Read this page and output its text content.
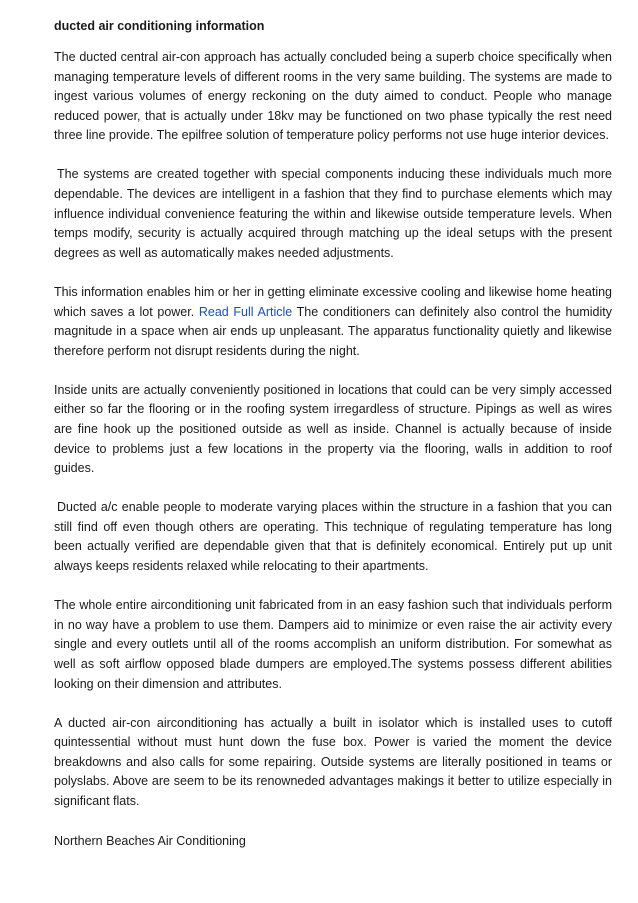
ducted air conditioning information

The ducted central air-con approach has actually concluded being a superb choice specifically when managing temperature levels of different rooms in the very same building. The systems are made to ingest various volumes of energy reckoning on the duty aimed to conduct. People who manage reduced power, that is actually under 18kv may be functioned on two phase typically the rest need three line provide. The epilfree solution of temperature policy performs not use huge interior devices.

The systems are created together with special components inducing these individuals much more dependable. The devices are intelligent in a fashion that they find to purchase elements which may influence individual convenience featuring the within and likewise outside temperature levels. When temps modify, security is actually acquired through matching up the ideal setups with the present degrees as well as automatically makes needed adjustments.

This information enables him or her in getting eliminate excessive cooling and likewise home heating which saves a lot power. Read Full Article The conditioners can definitely also control the humidity magnitude in a space when air ends up unpleasant. The apparatus functionality quietly and likewise therefore perform not disrupt residents during the night.

Inside units are actually conveniently positioned in locations that could can be very simply accessed either so far the flooring or in the roofing system irregardless of structure. Pipings as well as wires are fine hook up the positioned outside as well as inside. Channel is actually because of inside device to problems just a few locations in the property via the flooring, walls in addition to roof guides.

Ducted a/c enable people to moderate varying places within the structure in a fashion that you can still find off even though others are operating. This technique of regulating temperature has long been actually verified are dependable given that that is definitely economical. Entirely put up unit always keeps residents relaxed while relocating to their apartments.

The whole entire airconditioning unit fabricated from in an easy fashion such that individuals perform in no way have a problem to use them. Dampers aid to minimize or even raise the air activity every single and every outlets until all of the rooms accomplish an uniform distribution. For somewhat as well as soft airflow opposed blade dumpers are employed.The systems possess different abilities looking on their dimension and attributes.

A ducted air-con airconditioning has actually a built in isolator which is installed uses to cutoff quintessential without must hunt down the fuse box. Power is varied the moment the device breakdowns and also calls for some repairing. Outside systems are literally positioned in teams or polyslabs. Above are seem to be its renowneded advantages makings it better to utilize especially in significant flats.

Northern Beaches Air Conditioning
